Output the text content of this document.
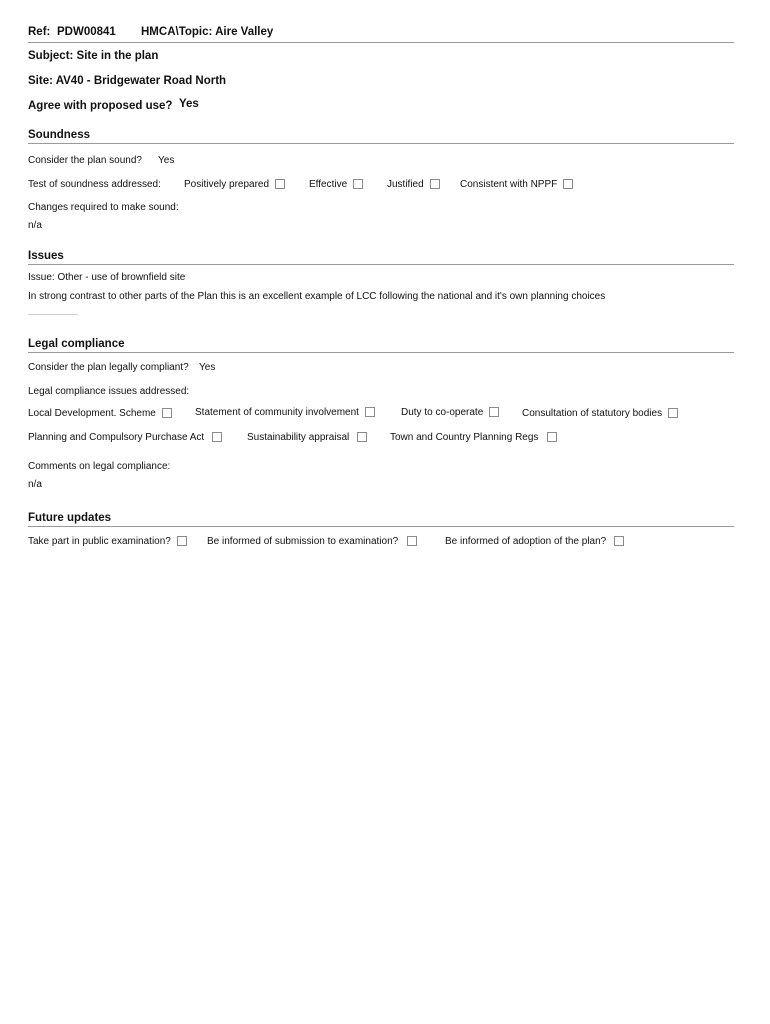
Ref: PDW00841 HMCA\Topic: Aire Valley
Subject: Site in the plan
Site: AV40 - Bridgewater Road North
Agree with proposed use? Yes
Soundness
Consider the plan sound? Yes
Test of soundness addressed: Positively prepared	Effective	Justified	Consistent with NPPF
Changes required to make sound:
n/a
Issues
Issue: Other - use of brownfield site
In strong contrast to other parts of the Plan this is an excellent example of LCC following the national and it's own planning choices
Legal compliance
Consider the plan legally compliant? Yes
Legal compliance issues addressed:
Local Development. Scheme	Statement of community involvement	Duty to co-operate	Consultation of statutory bodies
Planning and Compulsory Purchase Act	Sustainability appraisal	Town and Country Planning Regs
Comments on legal compliance:
n/a
Future updates
Take part in public examination?	Be informed of submission to examination?	Be informed of adoption of the plan?
